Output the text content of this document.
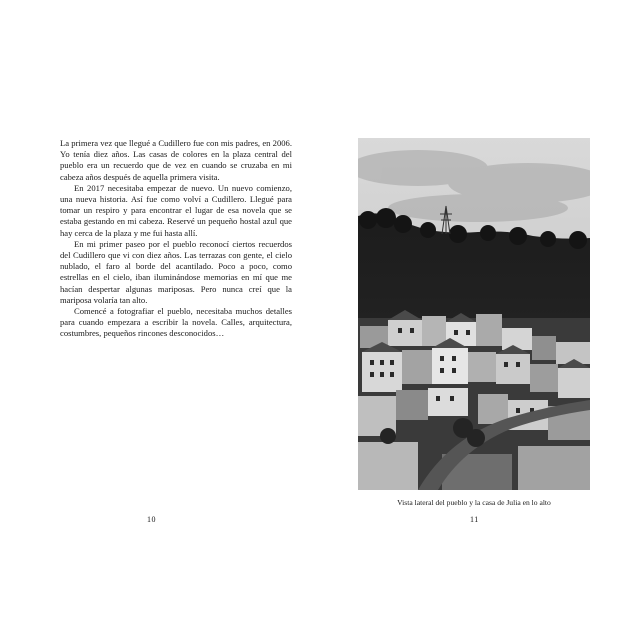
La primera vez que llegué a Cudillero fue con mis padres, en 2006. Yo tenía diez años. Las casas de colores en la plaza central del pueblo era un recuerdo que de vez en cuando se cruzaba en mi cabeza años después de aquella primera visita.

En 2017 necesitaba empezar de nuevo. Un nuevo comienzo, una nueva historia. Así fue como volví a Cudillero. Llegué para tomar un respiro y para encontrar el lugar de esa novela que se estaba gestando en mi cabeza. Reservé un pequeño hostal azul que hay cerca de la plaza y me fui hasta allí.

En mi primer paseo por el pueblo reconocí ciertos recuerdos del Cudillero que vi con diez años. Las terrazas con gente, el cielo nublado, el faro al borde del acantilado. Poco a poco, como estrellas en el cielo, iban iluminándose memorias en mí que me hacían despertar algunas mariposas. Pero nunca creí que la mariposa volaría tan alto.

Comencé a fotografiar el pueblo, necesitaba muchos detalles para cuando empezara a escribir la novela. Calles, arquitectura, costumbres, pequeños rincones desconocidos…

10
Vista lateral del pueblo y la casa de Julia en lo alto
11
